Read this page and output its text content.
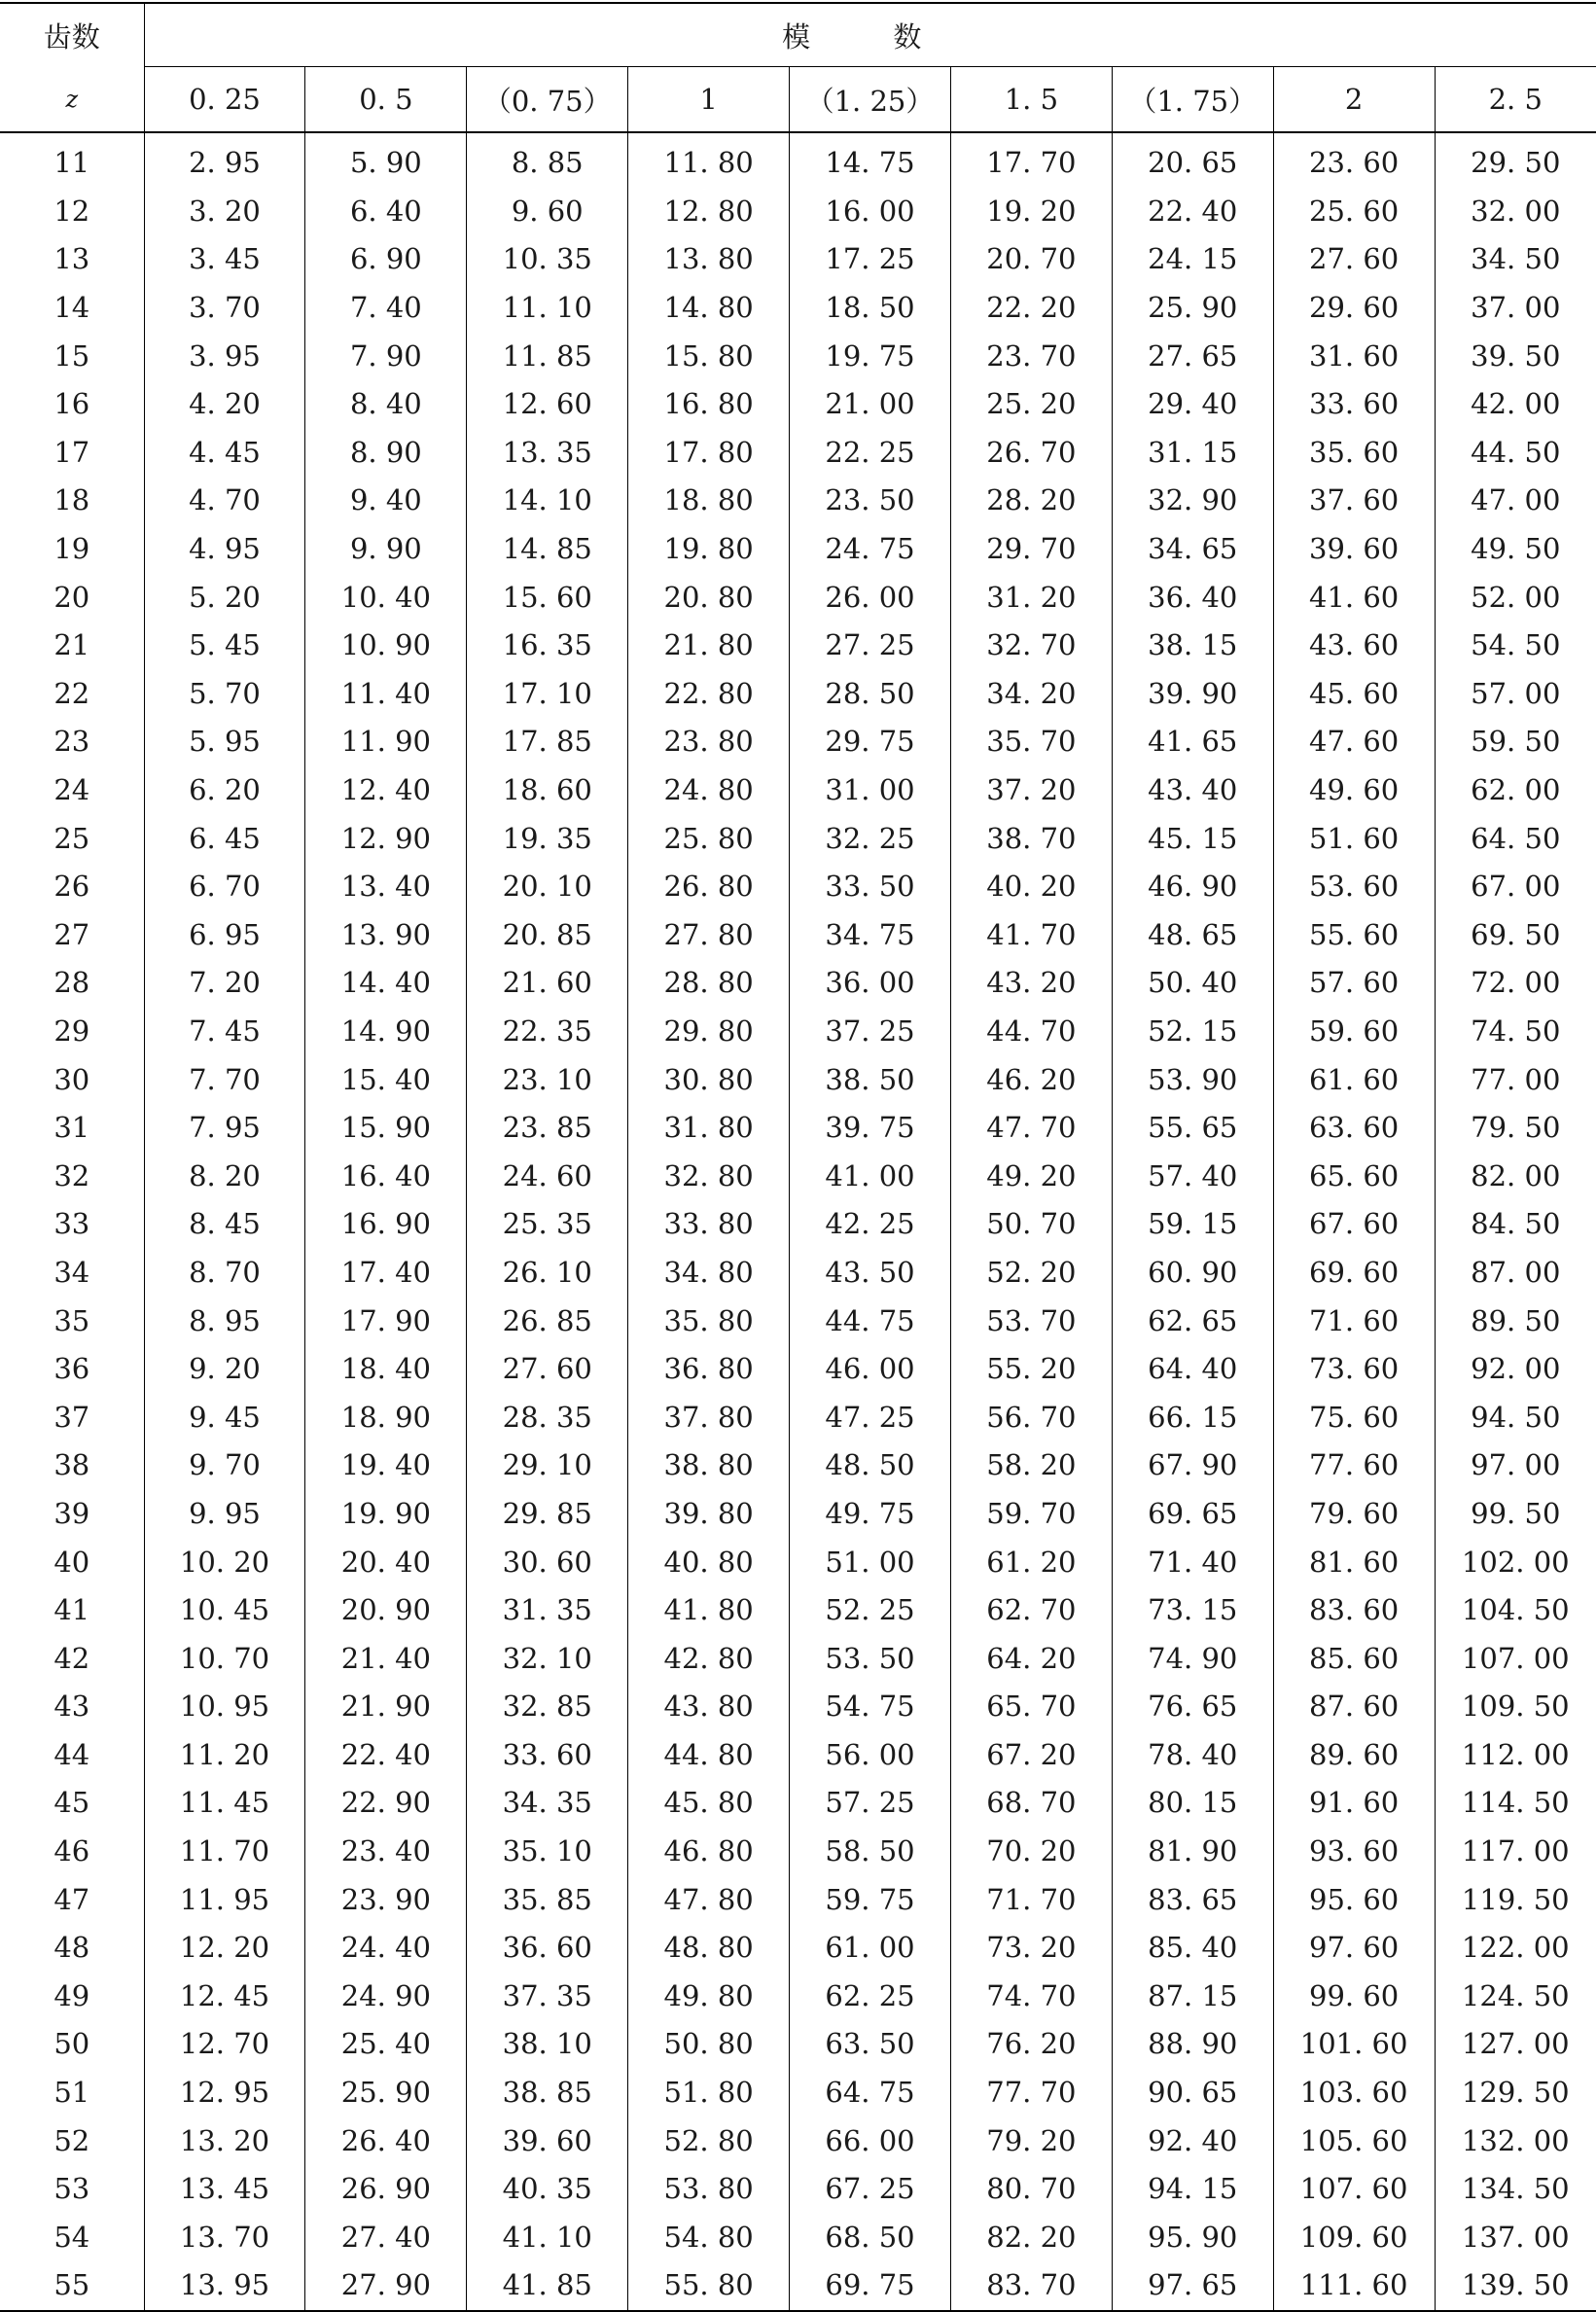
齿数	模 数								
z	0. 25	0. 5	（0. 75）	1	（1. 25）	1. 5	（1. 75）	2	2. 5
11	2. 95	5. 90	8. 85	11. 80	14. 75	17. 70	20. 65	23. 60	29. 50
12	3. 20	6. 40	9. 60	12. 80	16. 00	19. 20	22. 40	25. 60	32. 00
13	3. 45	6. 90	10. 35	13. 80	17. 25	20. 70	24. 15	27. 60	34. 50
14	3. 70	7. 40	11. 10	14. 80	18. 50	22. 20	25. 90	29. 60	37. 00
15	3. 95	7. 90	11. 85	15. 80	19. 75	23. 70	27. 65	31. 60	39. 50
16	4. 20	8. 40	12. 60	16. 80	21. 00	25. 20	29. 40	33. 60	42. 00
17	4. 45	8. 90	13. 35	17. 80	22. 25	26. 70	31. 15	35. 60	44. 50
18	4. 70	9. 40	14. 10	18. 80	23. 50	28. 20	32. 90	37. 60	47. 00
19	4. 95	9. 90	14. 85	19. 80	24. 75	29. 70	34. 65	39. 60	49. 50
20	5. 20	10. 40	15. 60	20. 80	26. 00	31. 20	36. 40	41. 60	52. 00
21	5. 45	10. 90	16. 35	21. 80	27. 25	32. 70	38. 15	43. 60	54. 50
22	5. 70	11. 40	17. 10	22. 80	28. 50	34. 20	39. 90	45. 60	57. 00
23	5. 95	11. 90	17. 85	23. 80	29. 75	35. 70	41. 65	47. 60	59. 50
24	6. 20	12. 40	18. 60	24. 80	31. 00	37. 20	43. 40	49. 60	62. 00
25	6. 45	12. 90	19. 35	25. 80	32. 25	38. 70	45. 15	51. 60	64. 50
26	6. 70	13. 40	20. 10	26. 80	33. 50	40. 20	46. 90	53. 60	67. 00
27	6. 95	13. 90	20. 85	27. 80	34. 75	41. 70	48. 65	55. 60	69. 50
28	7. 20	14. 40	21. 60	28. 80	36. 00	43. 20	50. 40	57. 60	72. 00
29	7. 45	14. 90	22. 35	29. 80	37. 25	44. 70	52. 15	59. 60	74. 50
30	7. 70	15. 40	23. 10	30. 80	38. 50	46. 20	53. 90	61. 60	77. 00
31	7. 95	15. 90	23. 85	31. 80	39. 75	47. 70	55. 65	63. 60	79. 50
32	8. 20	16. 40	24. 60	32. 80	41. 00	49. 20	57. 40	65. 60	82. 00
33	8. 45	16. 90	25. 35	33. 80	42. 25	50. 70	59. 15	67. 60	84. 50
34	8. 70	17. 40	26. 10	34. 80	43. 50	52. 20	60. 90	69. 60	87. 00
35	8. 95	17. 90	26. 85	35. 80	44. 75	53. 70	62. 65	71. 60	89. 50
36	9. 20	18. 40	27. 60	36. 80	46. 00	55. 20	64. 40	73. 60	92. 00
37	9. 45	18. 90	28. 35	37. 80	47. 25	56. 70	66. 15	75. 60	94. 50
38	9. 70	19. 40	29. 10	38. 80	48. 50	58. 20	67. 90	77. 60	97. 00
39	9. 95	19. 90	29. 85	39. 80	49. 75	59. 70	69. 65	79. 60	99. 50
40	10. 20	20. 40	30. 60	40. 80	51. 00	61. 20	71. 40	81. 60	102. 00
41	10. 45	20. 90	31. 35	41. 80	52. 25	62. 70	73. 15	83. 60	104. 50
42	10. 70	21. 40	32. 10	42. 80	53. 50	64. 20	74. 90	85. 60	107. 00
43	10. 95	21. 90	32. 85	43. 80	54. 75	65. 70	76. 65	87. 60	109. 50
44	11. 20	22. 40	33. 60	44. 80	56. 00	67. 20	78. 40	89. 60	112. 00
45	11. 45	22. 90	34. 35	45. 80	57. 25	68. 70	80. 15	91. 60	114. 50
46	11. 70	23. 40	35. 10	46. 80	58. 50	70. 20	81. 90	93. 60	117. 00
47	11. 95	23. 90	35. 85	47. 80	59. 75	71. 70	83. 65	95. 60	119. 50
48	12. 20	24. 40	36. 60	48. 80	61. 00	73. 20	85. 40	97. 60	122. 00
49	12. 45	24. 90	37. 35	49. 80	62. 25	74. 70	87. 15	99. 60	124. 50
50	12. 70	25. 40	38. 10	50. 80	63. 50	76. 20	88. 90	101. 60	127. 00
51	12. 95	25. 90	38. 85	51. 80	64. 75	77. 70	90. 65	103. 60	129. 50
52	13. 20	26. 40	39. 60	52. 80	66. 00	79. 20	92. 40	105. 60	132. 00
53	13. 45	26. 90	40. 35	53. 80	67. 25	80. 70	94. 15	107. 60	134. 50
54	13. 70	27. 40	41. 10	54. 80	68. 50	82. 20	95. 90	109. 60	137. 00
55	13. 95	27. 90	41. 85	55. 80	69. 75	83. 70	97. 65	111. 60	139. 50
